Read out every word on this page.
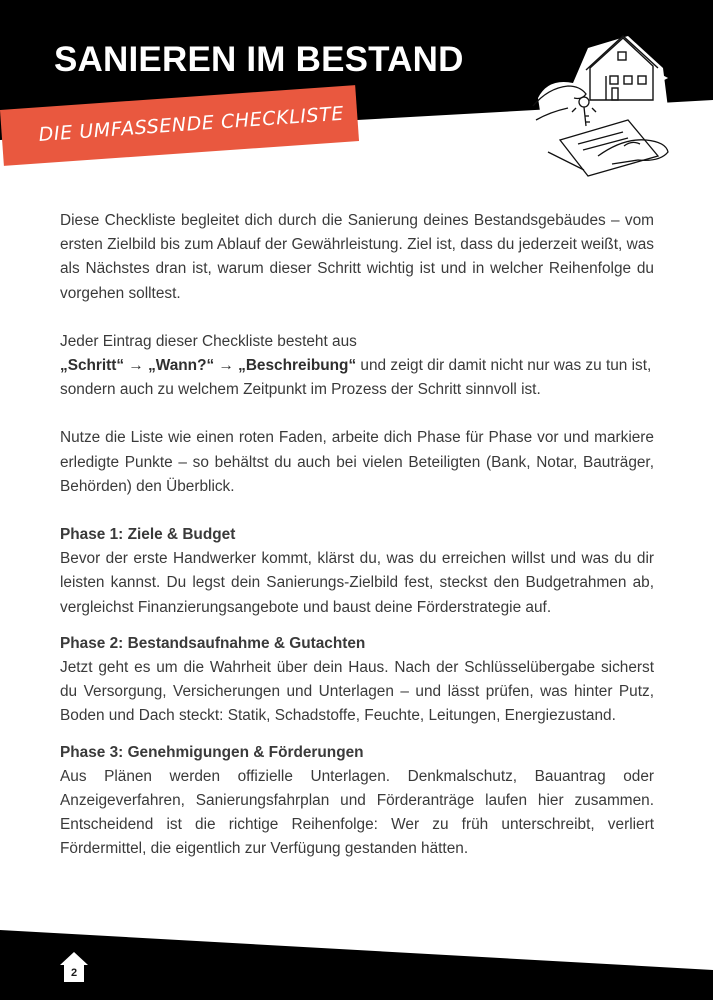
SANIEREN IM BESTAND

DIE UMFASSENDE CHECKLISTE

Diese Checkliste begleitet dich durch die Sanierung deines Bestandsgebäudes – vom ersten Zielbild bis zum Ablauf der Gewährleistung. Ziel ist, dass du jederzeit weißt, was als Nächstes dran ist, warum dieser Schritt wichtig ist und in welcher Reihenfolge du vorgehen solltest.

Jeder Eintrag dieser Checkliste besteht aus
„Schritt“ → „Wann?“ → „Beschreibung“ und zeigt dir damit nicht nur was zu tun ist, sondern auch zu welchem Zeitpunkt im Prozess der Schritt sinnvoll ist.

Nutze die Liste wie einen roten Faden, arbeite dich Phase für Phase vor und markiere erledigte Punkte – so behältst du auch bei vielen Beteiligten (Bank, Notar, Bauträger, Behörden) den Überblick.

Phase 1: Ziele & Budget

Bevor der erste Handwerker kommt, klärst du, was du erreichen willst und was du dir leisten kannst. Du legst dein Sanierungs-Zielbild fest, steckst den Budgetrahmen ab, vergleichst Finanzierungsangebote und baust deine Förderstrategie auf.

Phase 2: Bestandsaufnahme & Gutachten

Jetzt geht es um die Wahrheit über dein Haus. Nach der Schlüsselübergabe sicherst du Versorgung, Versicherungen und Unterlagen – und lässt prüfen, was hinter Putz, Boden und Dach steckt: Statik, Schadstoffe, Feuchte, Leitungen, Energiezustand.

Phase 3: Genehmigungen & Förderungen

Aus Plänen werden offizielle Unterlagen. Denkmalschutz, Bauantrag oder Anzeigeverfahren, Sanierungsfahrplan und Förderanträge laufen hier zusammen. Entscheidend ist die richtige Reihenfolge: Wer zu früh unterschreibt, verliert Fördermittel, die eigentlich zur Verfügung gestanden hätten.

2
